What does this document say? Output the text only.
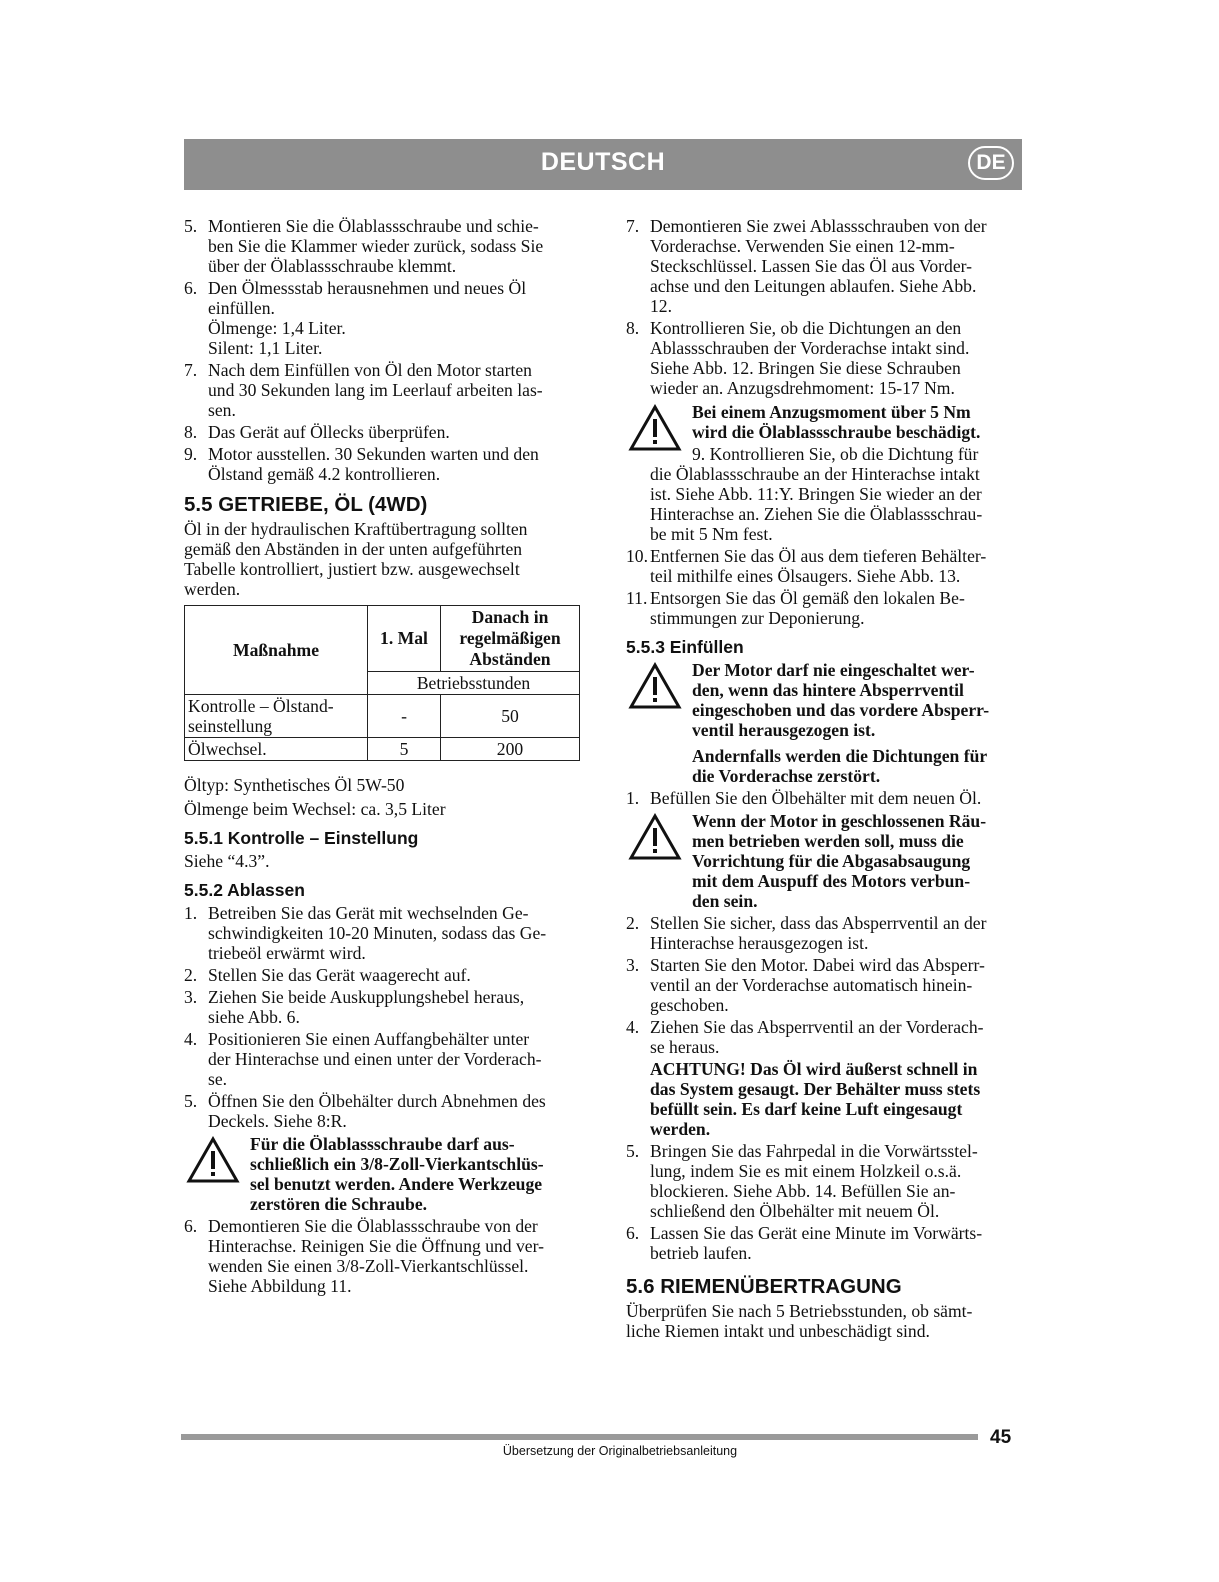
DEUTSCH	DE
5. Montieren Sie die Ölablassschraube und schie-
ben Sie die Klammer wieder zurück, sodass Sie
über der Ölablassschraube klemmt.
6. Den Ölmessstab herausnehmen und neues Öl
einfüllen.
Ölmenge: 1,4 Liter.
Silent: 1,1 Liter.
7. Nach dem Einfüllen von Öl den Motor starten
und 30 Sekunden lang im Leerlauf arbeiten las-
sen.
8. Das Gerät auf Öllecks überprüfen.
9. Motor ausstellen. 30 Sekunden warten und den
Ölstand gemäß 4.2 kontrollieren.
5.5 GETRIEBE, ÖL (4WD)
Öl in der hydraulischen Kraftübertragung sollten
gemäß den Abständen in der unten aufgeführten
Tabelle kontrolliert, justiert bzw. ausgewechselt
werden.
Maßnahme	1. Mal	Danach in
regelmäßigen
Abständen

	Betriebsstunden	

Kontrolle – Ölstand-
seinstellung	-	50

Ölwechsel.	5	200
Öltyp: Synthetisches Öl 5W-50
Ölmenge beim Wechsel: ca. 3,5 Liter
5.5.1 Kontrolle – Einstellung
Siehe “4.3”.
5.5.2 Ablassen
1. Betreiben Sie das Gerät mit wechselnden Ge-
schwindigkeiten 10-20 Minuten, sodass das Ge-
triebeöl erwärmt wird.
2. Stellen Sie das Gerät waagerecht auf.
3. Ziehen Sie beide Auskupplungshebel heraus,
siehe Abb. 6.
4. Positionieren Sie einen Auffangbehälter unter
der Hinterachse und einen unter der Vorderach-
se.
5. Öffnen Sie den Ölbehälter durch Abnehmen des
Deckels. Siehe 8:R.
Für die Ölablassschraube darf aus-
schließlich ein 3/8-Zoll-Vierkantschlüs-
sel benutzt werden. Andere Werkzeuge
zerstören die Schraube.
6. Demontieren Sie die Ölablassschraube von der
Hinterachse. Reinigen Sie die Öffnung und ver-
wenden Sie einen 3/8-Zoll-Vierkantschlüssel.
Siehe Abbildung 11.
7. Demontieren Sie zwei Ablassschrauben von der
Vorderachse. Verwenden Sie einen 12-mm-
Steckschlüssel. Lassen Sie das Öl aus Vorder-
achse und den Leitungen ablaufen. Siehe Abb.
12.
8. Kontrollieren Sie, ob die Dichtungen an den
Ablassschrauben der Vorderachse intakt sind.
Siehe Abb. 12. Bringen Sie diese Schrauben
wieder an. Anzugsdrehmoment: 15-17 Nm.
Bei einem Anzugsmoment über 5 Nm
wird die Ölablassschraube beschädigt.
9. Kontrollieren Sie, ob die Dichtung für
die Ölablassschraube an der Hinterachse intakt
ist. Siehe Abb. 11:Y. Bringen Sie wieder an der
Hinterachse an. Ziehen Sie die Ölablassschrau-
be mit 5 Nm fest.
10. Entfernen Sie das Öl aus dem tieferen Behälter-
teil mithilfe eines Ölsaugers. Siehe Abb. 13.
11. Entsorgen Sie das Öl gemäß den lokalen Be-
stimmungen zur Deponierung.
5.5.3 Einfüllen
Der Motor darf nie eingeschaltet wer-
den, wenn das hintere Absperrventil
eingeschoben und das vordere Absperr-
ventil herausgezogen ist.
Andernfalls werden die Dichtungen für
die Vorderachse zerstört.
1. Befüllen Sie den Ölbehälter mit dem neuen Öl.
Wenn der Motor in geschlossenen Räu-
men betrieben werden soll, muss die
Vorrichtung für die Abgasabsaugung
mit dem Auspuff des Motors verbun-
den sein.
2. Stellen Sie sicher, dass das Absperrventil an der
Hinterachse herausgezogen ist.
3. Starten Sie den Motor. Dabei wird das Absperr-
ventil an der Vorderachse automatisch hinein-
geschoben.
4. Ziehen Sie das Absperrventil an der Vorderach-
se heraus.
ACHTUNG! Das Öl wird äußerst schnell in
das System gesaugt. Der Behälter muss stets
befüllt sein. Es darf keine Luft eingesaugt
werden.
5. Bringen Sie das Fahrpedal in die Vorwärtsstel-
lung, indem Sie es mit einem Holzkeil o.s.ä.
blockieren. Siehe Abb. 14. Befüllen Sie an-
schließend den Ölbehälter mit neuem Öl.
6. Lassen Sie das Gerät eine Minute im Vorwärts-
betrieb laufen.
5.6 RIEMENÜBERTRAGUNG
Überprüfen Sie nach 5 Betriebsstunden, ob sämt-
liche Riemen intakt und unbeschädigt sind.
45
Übersetzung der Originalbetriebsanleitung
